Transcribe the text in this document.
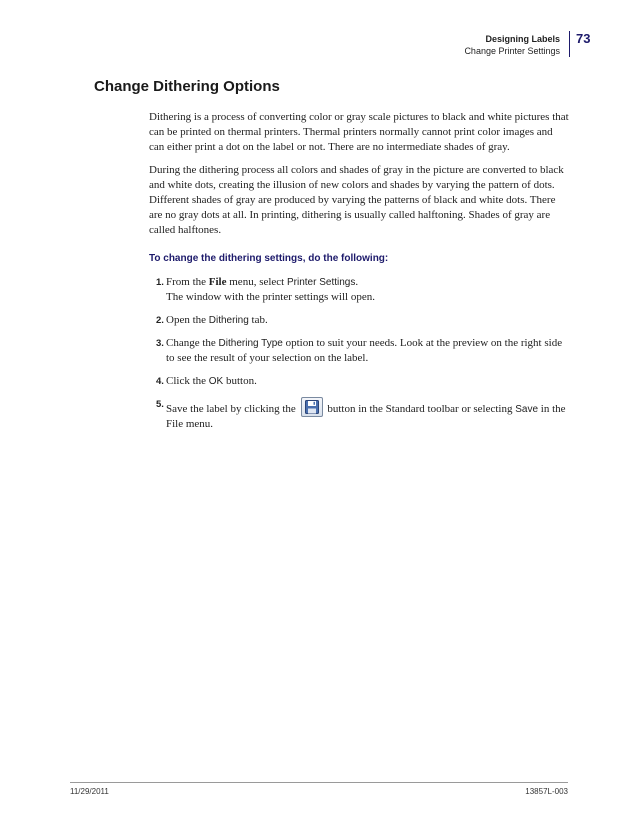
Designing Labels
Change Printer Settings
73
Change Dithering Options

Dithering is a process of converting color or gray scale pictures to black and white pictures that can be printed on thermal printers. Thermal printers normally cannot print color images and can either print a dot on the label or not. There are no intermediate shades of gray.

During the dithering process all colors and shades of gray in the picture are converted to black and white dots, creating the illusion of new colors and shades by varying the pattern of dots. Different shades of gray are produced by varying the patterns of black and white dots. There are no gray dots at all. In printing, dithering is usually called halftoning. Shades of gray are called halftones.

To change the dithering settings, do the following:

1. From the File menu, select Printer Settings.
The window with the printer settings will open.
2. Open the Dithering tab.
3. Change the Dithering Type option to suit your needs. Look at the preview on the right side to see the result of your selection on the label.
4. Click the OK button.
5. Save the label by clicking the
button in the Standard toolbar or selecting Save in the File menu.
11/29/2011	13857L-003
